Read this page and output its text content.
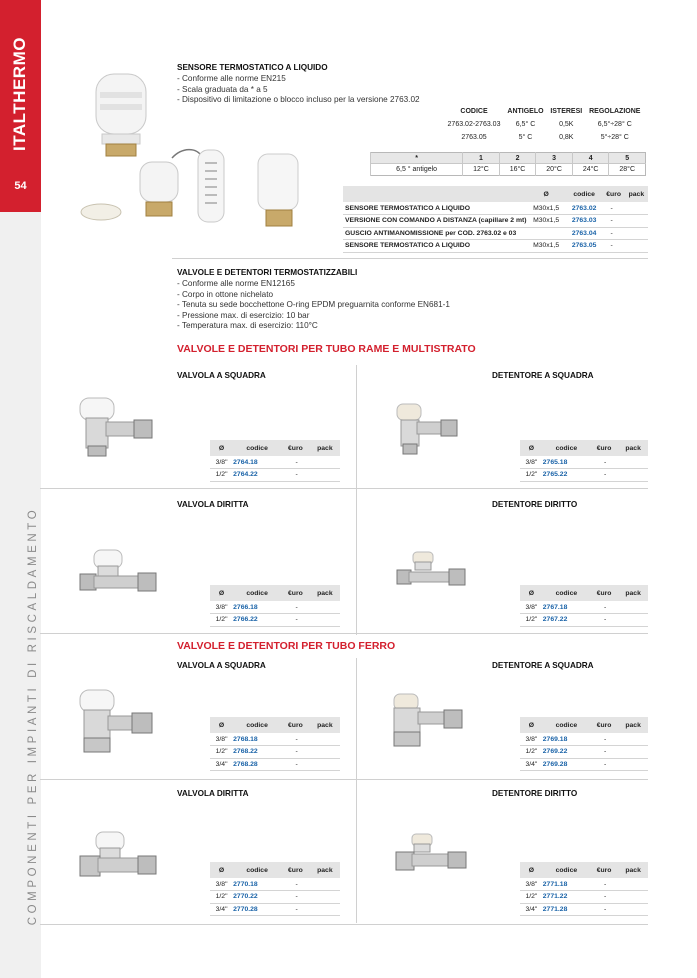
ITALTHERMO
54
COMPONENTI PER IMPIANTI DI RISCALDAMENTO
SENSORE TERMOSTATICO A LIQUIDO
- Conforme alle norme EN215
- Scala graduata da * a 5
- Dispositivo di limitazione o blocco incluso per la versione 2763.02
CODICE	ANTIGELO	ISTERESI	REGOLAZIONE
2763.02-2763.03	6,5° C	0,5K	6,5°÷28° C
2763.05	5° C	0,8K	5°÷28° C
*	1	2	3	4	5
6,5 ° antigelo	12°C	16°C	20°C	24°C	28°C
	Ø	codice	€uro	pack
SENSORE TERMOSTATICO A LIQUIDO	M30x1,5	2763.02	-	
VERSIONE CON COMANDO A DISTANZA (capillare 2 mt)	M30x1,5	2763.03	-	
GUSCIO ANTIMANOMISSIONE per COD. 2763.02 e 03		2763.04	-	
SENSORE TERMOSTATICO A LIQUIDO	M30x1,5	2763.05	-	
VALVOLE E DETENTORI TERMOSTATIZZABILI
- Conforme alle norme EN12165
- Corpo in ottone nichelato
- Tenuta su sede bocchettone O-ring EPDM preguarnita conforme EN681-1
- Pressione max. di esercizio: 10 bar
- Temperatura max. di esercizio: 110°C
VALVOLE E DETENTORI PER TUBO RAME E MULTISTRATO
VALVOLA A SQUADRA
Ø	codice	€uro	pack
3/8"	2764.18	-	
1/2"	2764.22	-	
DETENTORE A SQUADRA
Ø	codice	€uro	pack
3/8"	2765.18	-	
1/2"	2765.22	-	
VALVOLA DIRITTA
Ø	codice	€uro	pack
3/8"	2766.18	-	
1/2"	2766.22	-	
DETENTORE DIRITTO
Ø	codice	€uro	pack
3/8"	2767.18	-	
1/2"	2767.22	-	
VALVOLE E DETENTORI PER TUBO FERRO
VALVOLA A SQUADRA
Ø	codice	€uro	pack
3/8"	2768.18	-	
1/2"	2768.22	-	
3/4"	2768.28	-	
DETENTORE A SQUADRA
Ø	codice	€uro	pack
3/8"	2769.18	-	
1/2"	2769.22	-	
3/4"	2769.28	-	
VALVOLA DIRITTA
Ø	codice	€uro	pack
3/8"	2770.18	-	
1/2"	2770.22	-	
3/4"	2770.28	-	
DETENTORE DIRITTO
Ø	codice	€uro	pack
3/8"	2771.18	-	
1/2"	2771.22	-	
3/4"	2771.28	-	
